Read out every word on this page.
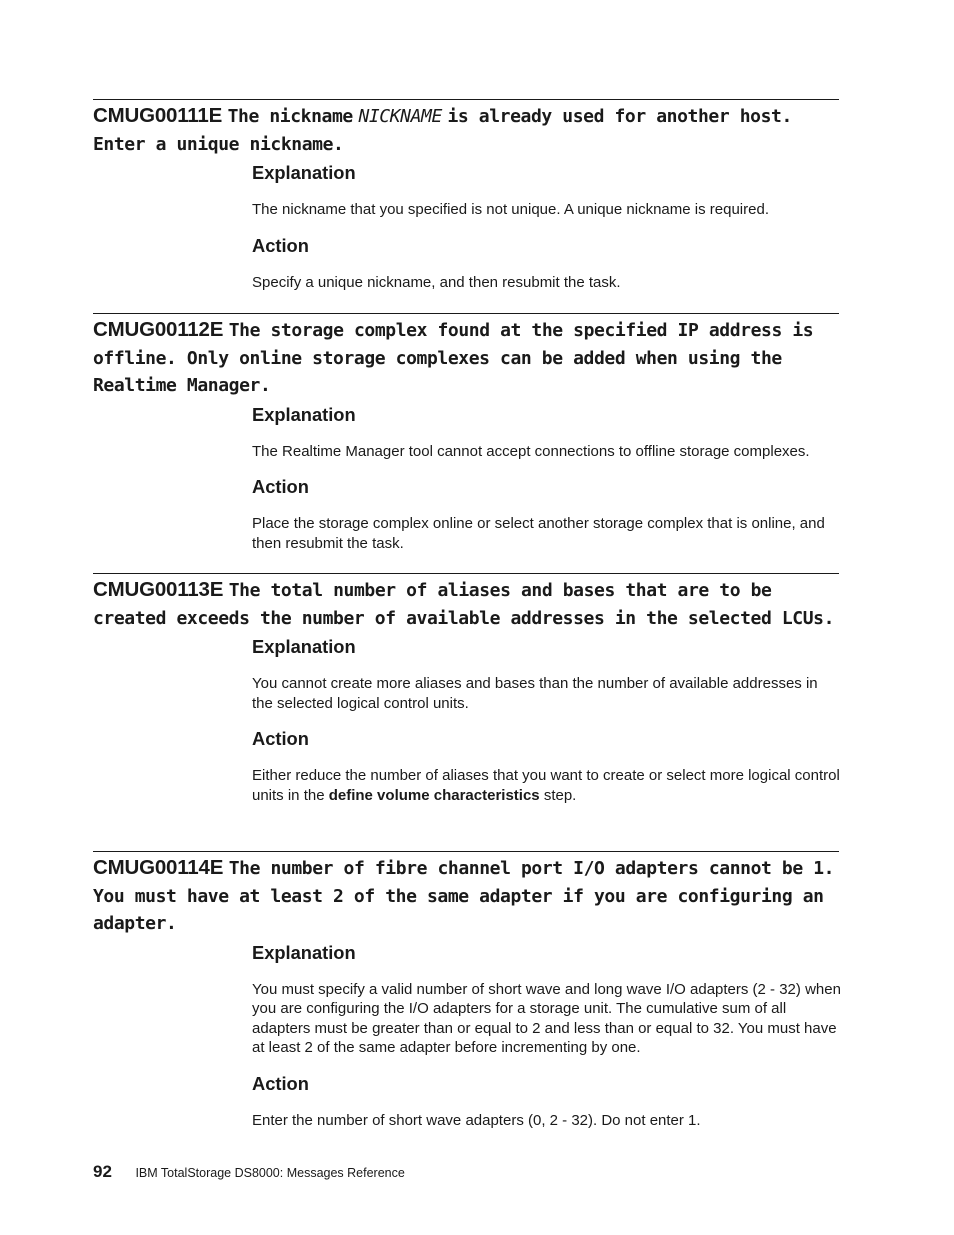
CMUG00111E The nickname NICKNAME is already used for another host. Enter a unique nickname.

Explanation

The nickname that you specified is not unique. A unique nickname is required.

Action

Specify a unique nickname, and then resubmit the task.

CMUG00112E The storage complex found at the specified IP address is offline. Only online storage complexes can be added when using the Realtime Manager.

Explanation

The Realtime Manager tool cannot accept connections to offline storage complexes.

Action

Place the storage complex online or select another storage complex that is online, and then resubmit the task.

CMUG00113E The total number of aliases and bases that are to be created exceeds the number of available addresses in the selected LCUs.

Explanation

You cannot create more aliases and bases than the number of available addresses in the selected logical control units.

Action

Either reduce the number of aliases that you want to create or select more logical control units in the define volume characteristics step.

CMUG00114E The number of fibre channel port I/O adapters cannot be 1. You must have at least 2 of the same adapter if you are configuring an adapter.

Explanation

You must specify a valid number of short wave and long wave I/O adapters (2 - 32) when you are configuring the I/O adapters for a storage unit. The cumulative sum of all adapters must be greater than or equal to 2 and less than or equal to 32. You must have at least 2 of the same adapter before incrementing by one.

Action

Enter the number of short wave adapters (0, 2 - 32). Do not enter 1.

92 IBM TotalStorage DS8000: Messages Reference
